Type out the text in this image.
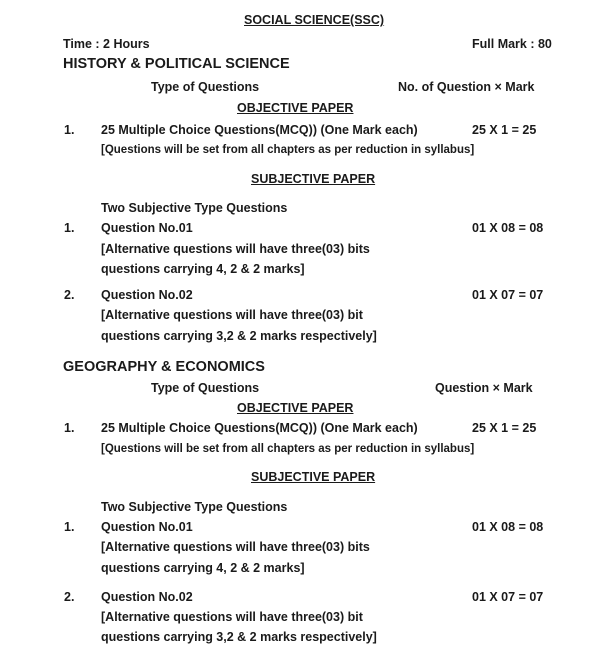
SOCIAL SCIENCE(SSC)
Time : 2 Hours	Full Mark : 80
HISTORY & POLITICAL SCIENCE
Type of Questions	No. of Question × Mark
OBJECTIVE PAPER
1. 25 Multiple Choice Questions(MCQ)) (One Mark each)	25 X 1 = 25
[Questions will be set from all chapters as per reduction in syllabus]
SUBJECTIVE PAPER
Two Subjective Type Questions
1. Question No.01	01 X 08 = 08
[Alternative questions will have three(03) bits
questions carrying 4, 2 & 2 marks]
2. Question No.02	01 X 07 = 07
[Alternative questions will have three(03) bit
questions carrying 3,2 & 2 marks respectively]
GEOGRAPHY & ECONOMICS
Type of Questions	Question × Mark
OBJECTIVE PAPER
1. 25 Multiple Choice Questions(MCQ)) (One Mark each)	25 X 1 = 25
[Questions will be set from all chapters as per reduction in syllabus]
SUBJECTIVE PAPER
Two Subjective Type Questions
1. Question No.01	01 X 08 = 08
[Alternative questions will have three(03) bits
questions carrying 4, 2 & 2 marks]
2. Question No.02	01 X 07 = 07
[Alternative questions will have three(03) bit
questions carrying 3,2 & 2 marks respectively]
